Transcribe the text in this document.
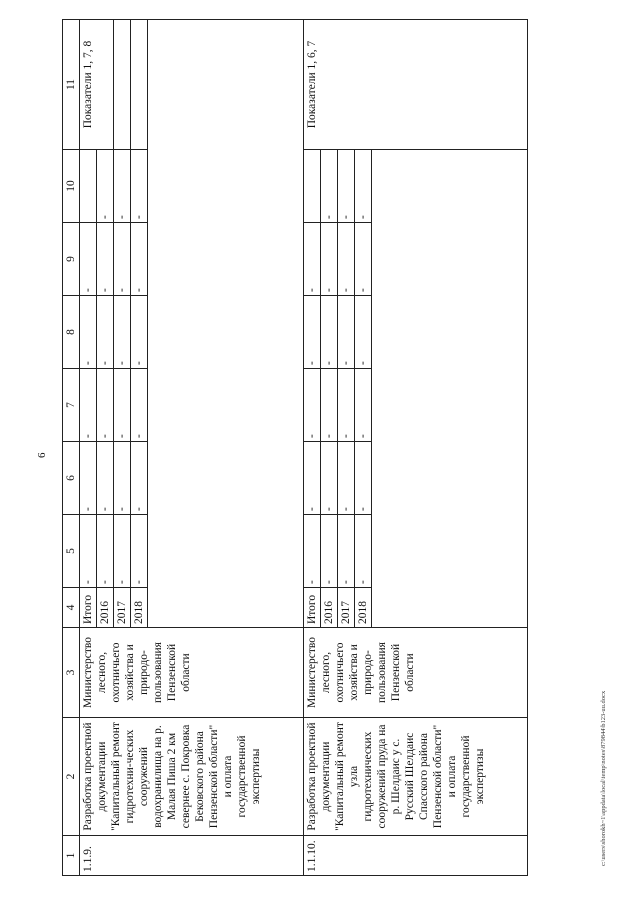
6
1	2	3	4	5	6	7	8	9	10	11
1.1.9.	Разработка проектной документации "Капитальный ремонт гидротехни-ческих сооружений водохранилища на р. Малая Пиша 2 км севернее с. Покровка Бековского района Пензенской области" и оплата государственной экспертизы	Министерство лесного, охотничьего хозяйства и природо-пользования Пензенской области	Итого	-	-	-	-	-		Показатели 1, 7, 8
			2016	-	-	-	-	-	-	
			2017	-	-	-	-	-	-	
			2018	-	-	-	-	-	-	

1.1.10.	Разработка проектной документации "Капитальный ремонт узла гидротехнических сооружений пруда на р. Шелдаис у с. Русский Шелдаис Спасского района Пензенской области" и оплата государственной экспертизы	Министерство лесного, охотничьего хозяйства и природо-пользования Пензенской области	Итого	-	-	-	-	-		Показатели 1, 6, 7
			2016	-	-	-	-	-	-	
			2017	-	-	-	-	-	-	
			2018	-	-	-	-	-	-	

c:\users\shorokh~1\appdata\local\temp\notes\879844\b123-uu.docx
